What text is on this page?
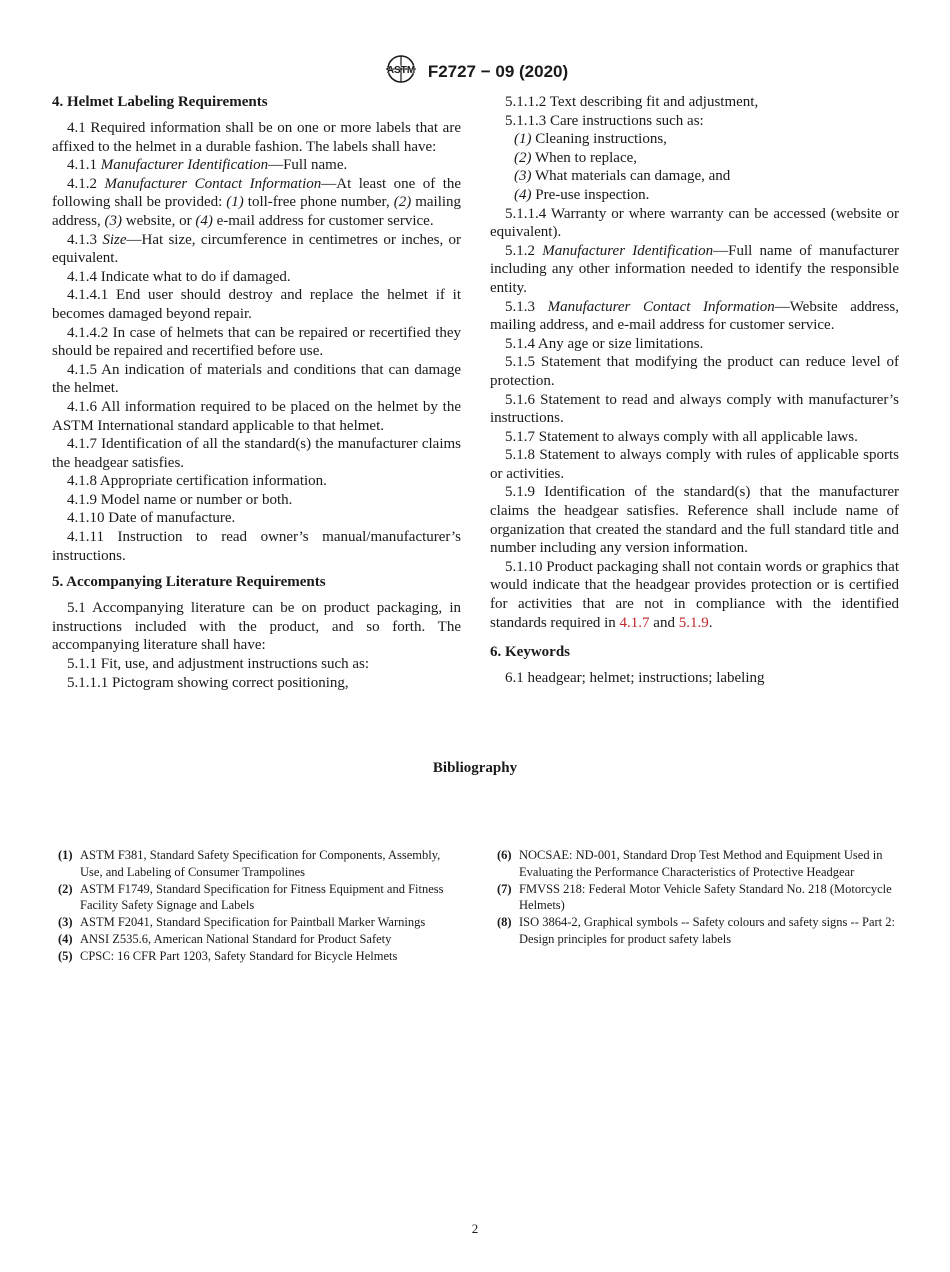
ASTM F2727 − 09 (2020)
4. Helmet Labeling Requirements

4.1 Required information shall be on one or more labels that are affixed to the helmet in a durable fashion. The labels shall have:

4.1.1 Manufacturer Identification—Full name.

4.1.2 Manufacturer Contact Information—At least one of the following shall be provided: (1) toll-free phone number, (2) mailing address, (3) website, or (4) e-mail address for customer service.

4.1.3 Size—Hat size, circumference in centimetres or inches, or equivalent.

4.1.4 Indicate what to do if damaged.

4.1.4.1 End user should destroy and replace the helmet if it becomes damaged beyond repair.

4.1.4.2 In case of helmets that can be repaired or recertified they should be repaired and recertified before use.

4.1.5 An indication of materials and conditions that can damage the helmet.

4.1.6 All information required to be placed on the helmet by the ASTM International standard applicable to that helmet.

4.1.7 Identification of all the standard(s) the manufacturer claims the headgear satisfies.

4.1.8 Appropriate certification information.

4.1.9 Model name or number or both.

4.1.10 Date of manufacture.

4.1.11 Instruction to read owner’s manual/manufacturer’s instructions.

5. Accompanying Literature Requirements

5.1 Accompanying literature can be on product packaging, in instructions included with the product, and so forth. The accompanying literature shall have:

5.1.1 Fit, use, and adjustment instructions such as:

5.1.1.1 Pictogram showing correct positioning,

5.1.1.2 Text describing fit and adjustment,

5.1.1.3 Care instructions such as:

(1) Cleaning instructions,

(2) When to replace,

(3) What materials can damage, and

(4) Pre-use inspection.

5.1.1.4 Warranty or where warranty can be accessed (website or equivalent).

5.1.2 Manufacturer Identification—Full name of manufacturer including any other information needed to identify the responsible entity.

5.1.3 Manufacturer Contact Information—Website address, mailing address, and e-mail address for customer service.

5.1.4 Any age or size limitations.

5.1.5 Statement that modifying the product can reduce level of protection.

5.1.6 Statement to read and always comply with manufacturer’s instructions.

5.1.7 Statement to always comply with all applicable laws.

5.1.8 Statement to always comply with rules of applicable sports or activities.

5.1.9 Identification of the standard(s) that the manufacturer claims the headgear satisfies. Reference shall include name of organization that created the standard and the full standard title and number including any version information.

5.1.10 Product packaging shall not contain words or graphics that would indicate that the headgear provides protection or is certified for activities that are not in compliance with the identified standards required in 4.1.7 and 5.1.9.

6. Keywords

6.1 headgear; helmet; instructions; labeling

Bibliography
(1) ASTM F381, Standard Safety Specification for Components, Assembly, Use, and Labeling of Consumer Trampolines
(2) ASTM F1749, Standard Specification for Fitness Equipment and Fitness Facility Safety Signage and Labels
(3) ASTM F2041, Standard Specification for Paintball Marker Warnings
(4) ANSI Z535.6, American National Standard for Product Safety
(5) CPSC: 16 CFR Part 1203, Safety Standard for Bicycle Helmets
(6) NOCSAE: ND-001, Standard Drop Test Method and Equipment Used in Evaluating the Performance Characteristics of Protective Headgear
(7) FMVSS 218: Federal Motor Vehicle Safety Standard No. 218 (Motorcycle Helmets)
(8) ISO 3864-2, Graphical symbols -- Safety colours and safety signs -- Part 2: Design principles for product safety labels
2
